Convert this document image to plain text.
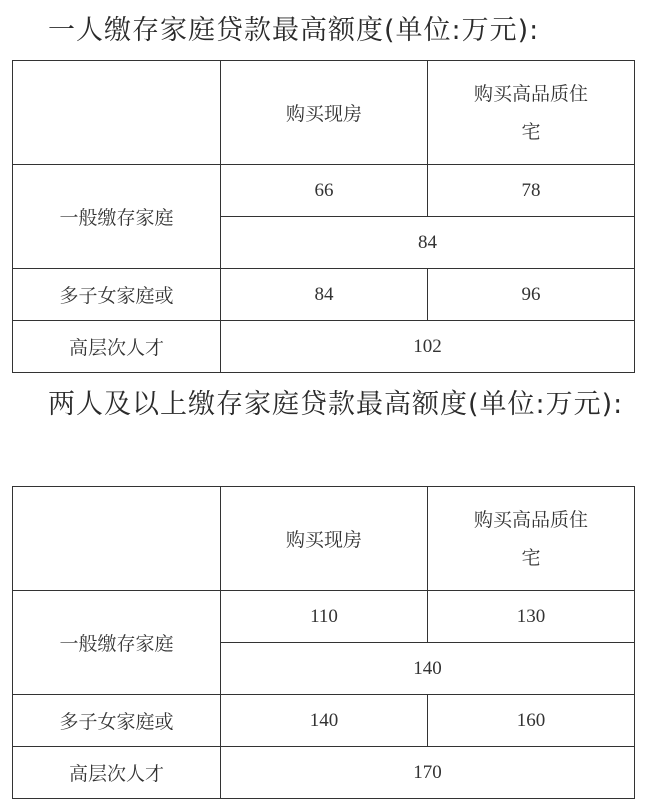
一人缴存家庭贷款最高额度(单位:万元):
	购买现房	购买高品质住
宅

一般缴存家庭	66	78
	84	
多子女家庭或	84	96
高层次人才	102	
两人及以上缴存家庭贷款最高额度(单位:万元):
	购买现房	购买高品质住
宅

一般缴存家庭	110	130
	140	
多子女家庭或	140	160
高层次人才	170	
